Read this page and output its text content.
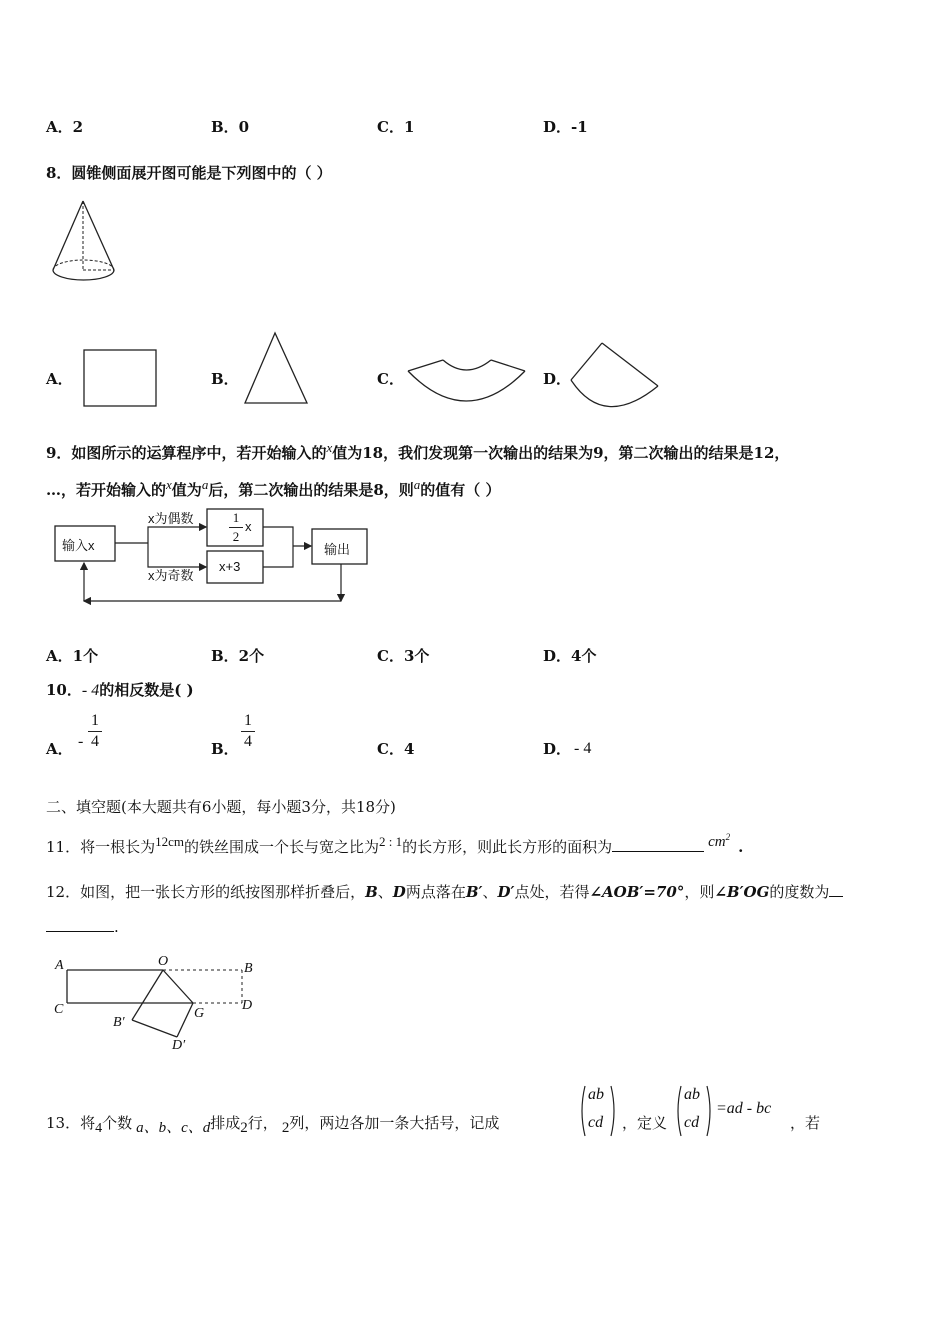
A．2	B．0	C．1	D．-1
8．圆锥侧面展开图可能是下列图中的（ ）
A．	B．	C．	D．
9．如图所示的运算程序中，若开始输入的$^x$值为18，我们发现第一次输出的结果为9，第二次输出的结果是12，
…，若开始输入的$^x$值为$^a$后，第二次输出的结果是8，则$^a$的值有（ ）
输入x
x为偶数
x为奇数
1
2
x
x+3
输出
A．1个	B．2个	C．3个	D．4个
10．- 4的相反数是( )
A． -
1
4	B．
1
4	C．4	D． - 4
二、填空题(本大题共有6小题，每小题3分，共18分)
11．将一根长为$^{12cm}$的铁丝围成一个长与宽之比为$^{2 : 1}$的长方形，则此长方形的面积为	$^{cm^2}$.
12．如图，把一张长方形的纸按图那样折叠后，B、D两点落在B′、D′点处，若得∠AOB′=70°，则∠B′OG的度数为
.
A	O	B
C	G
D
B′
D′
13．将$_4$个数 $_{a、b、c、d}$排成$_2$行， $_2$列，两边各加一条大括号，记成
ab
cd ，定义
ab
cd
=ad - bc
，若
